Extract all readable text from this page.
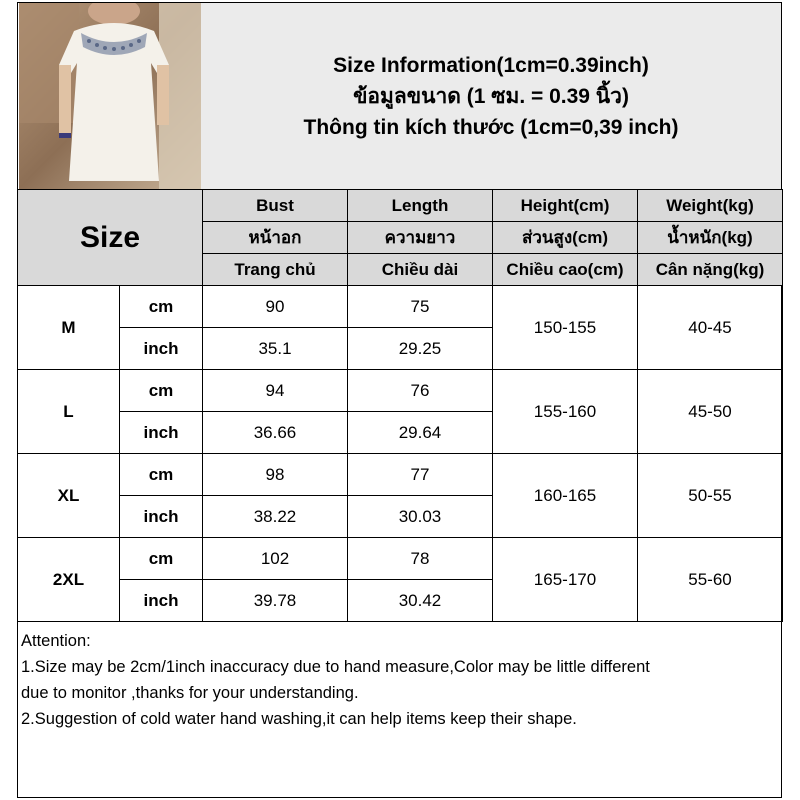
Size Information(1cm=0.39inch)
ข้อมูลขนาด (1 ซม. = 0.39 นิ้ว)
Thông tin kích thước (1cm=0,39 inch)
Size		Bust	Length	Height(cm)	Weight(kg)
		หน้าอก	ความยาว	ส่วนสูง(cm)	น้ำหนัก(kg)
		Trang chủ	Chiều dài	Chiều cao(cm)	Cân nặng(kg)
M	cm	90	75	150-155	40-45
	inch	35.1	29.25		
L	cm	94	76	155-160	45-50
	inch	36.66	29.64		
XL	cm	98	77	160-165	50-55
	inch	38.22	30.03		
2XL	cm	102	78	165-170	55-60
	inch	39.78	30.42		
Attention:
1.Size may be 2cm/1inch inaccuracy due to hand measure,Color may be little different
due to monitor ,thanks for your understanding.
2.Suggestion of cold water hand washing,it can help items keep their shape.
